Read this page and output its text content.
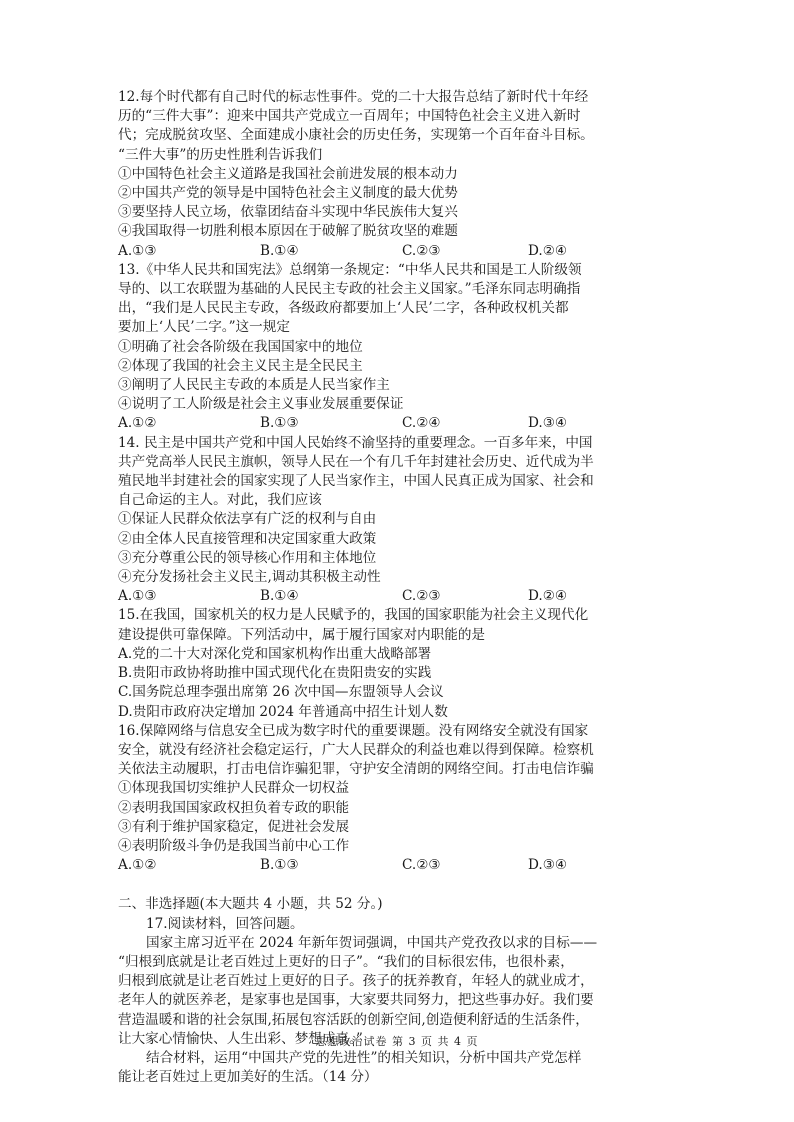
12.每个时代都有自己时代的标志性事件。党的二十大报告总结了新时代十年经
历的“三件大事”：迎来中国共产党成立一百周年；中国特色社会主义进入新时
代；完成脱贫攻坚、全面建成小康社会的历史任务，实现第一个百年奋斗目标。
“三件大事”的历史性胜利告诉我们
①中国特色社会主义道路是我国社会前进发展的根本动力
②中国共产党的领导是中国特色社会主义制度的最大优势
③要坚持人民立场，依靠团结奋斗实现中华民族伟大复兴
④我国取得一切胜利根本原因在于破解了脱贫攻坚的难题
A.①③	B.①④	C.②③	D.②④
13.《中华人民共和国宪法》总纲第一条规定：“中华人民共和国是工人阶级领
导的、以工农联盟为基础的人民民主专政的社会主义国家。”毛泽东同志明确指
出，“我们是人民民主专政，各级政府都要加上‘人民’二字，各种政权机关都
要加上‘人民’二字。”这一规定
①明确了社会各阶级在我国国家中的地位
②体现了我国的社会主义民主是全民民主
③阐明了人民民主专政的本质是人民当家作主
④说明了工人阶级是社会主义事业发展重要保证
A.①②	B.①③	C.②④	D.③④
14. 民主是中国共产党和中国人民始终不渝坚持的重要理念。一百多年来，中国
共产党高举人民民主旗帜，领导人民在一个有几千年封建社会历史、近代成为半
殖民地半封建社会的国家实现了人民当家作主，中国人民真正成为国家、社会和
自己命运的主人。对此，我们应该
①保证人民群众依法享有广泛的权利与自由
②由全体人民直接管理和决定国家重大政策
③充分尊重公民的领导核心作用和主体地位
④充分发扬社会主义民主,调动其积极主动性
A.①③	B.①④	C.②③	D.②④
15.在我国，国家机关的权力是人民赋予的，我国的国家职能为社会主义现代化
建设提供可靠保障。下列活动中，属于履行国家对内职能的是
A.党的二十大对深化党和国家机构作出重大战略部署
B.贵阳市政协将助推中国式现代化在贵阳贵安的实践
C.国务院总理李强出席第 26 次中国—东盟领导人会议
D.贵阳市政府决定增加 2024 年普通高中招生计划人数
16.保障网络与信息安全已成为数字时代的重要课题。没有网络安全就没有国家
安全，就没有经济社会稳定运行，广大人民群众的利益也难以得到保障。检察机
关依法主动履职，打击电信诈骗犯罪，守护安全清朗的网络空间。打击电信诈骗
①体现我国切实维护人民群众一切权益
②表明我国国家政权担负着专政的职能
③有利于维护国家稳定，促进社会发展
④表明阶级斗争仍是我国当前中心工作
A.①②	B.①③	C.②③	D.③④
二、非选择题(本大题共 4 小题，共 52 分。)
17.阅读材料，回答问题。
国家主席习近平在 2024 年新年贺词强调，中国共产党孜孜以求的目标——
“归根到底就是让老百姓过上更好的日子”。“我们的目标很宏伟，也很朴素，
归根到底就是让老百姓过上更好的日子。孩子的抚养教育，年轻人的就业成才，
老年人的就医养老，是家事也是国事，大家要共同努力，把这些事办好。我们要
营造温暖和谐的社会氛围,拓展包容活跃的创新空间,创造便利舒适的生活条件，
让大家心情愉快、人生出彩、梦想成真。”
结合材料，运用“中国共产党的先进性”的相关知识，分析中国共产党怎样
能让老百姓过上更加美好的生活。（14 分）
思想政治试卷 第 3 页 共 4 页
